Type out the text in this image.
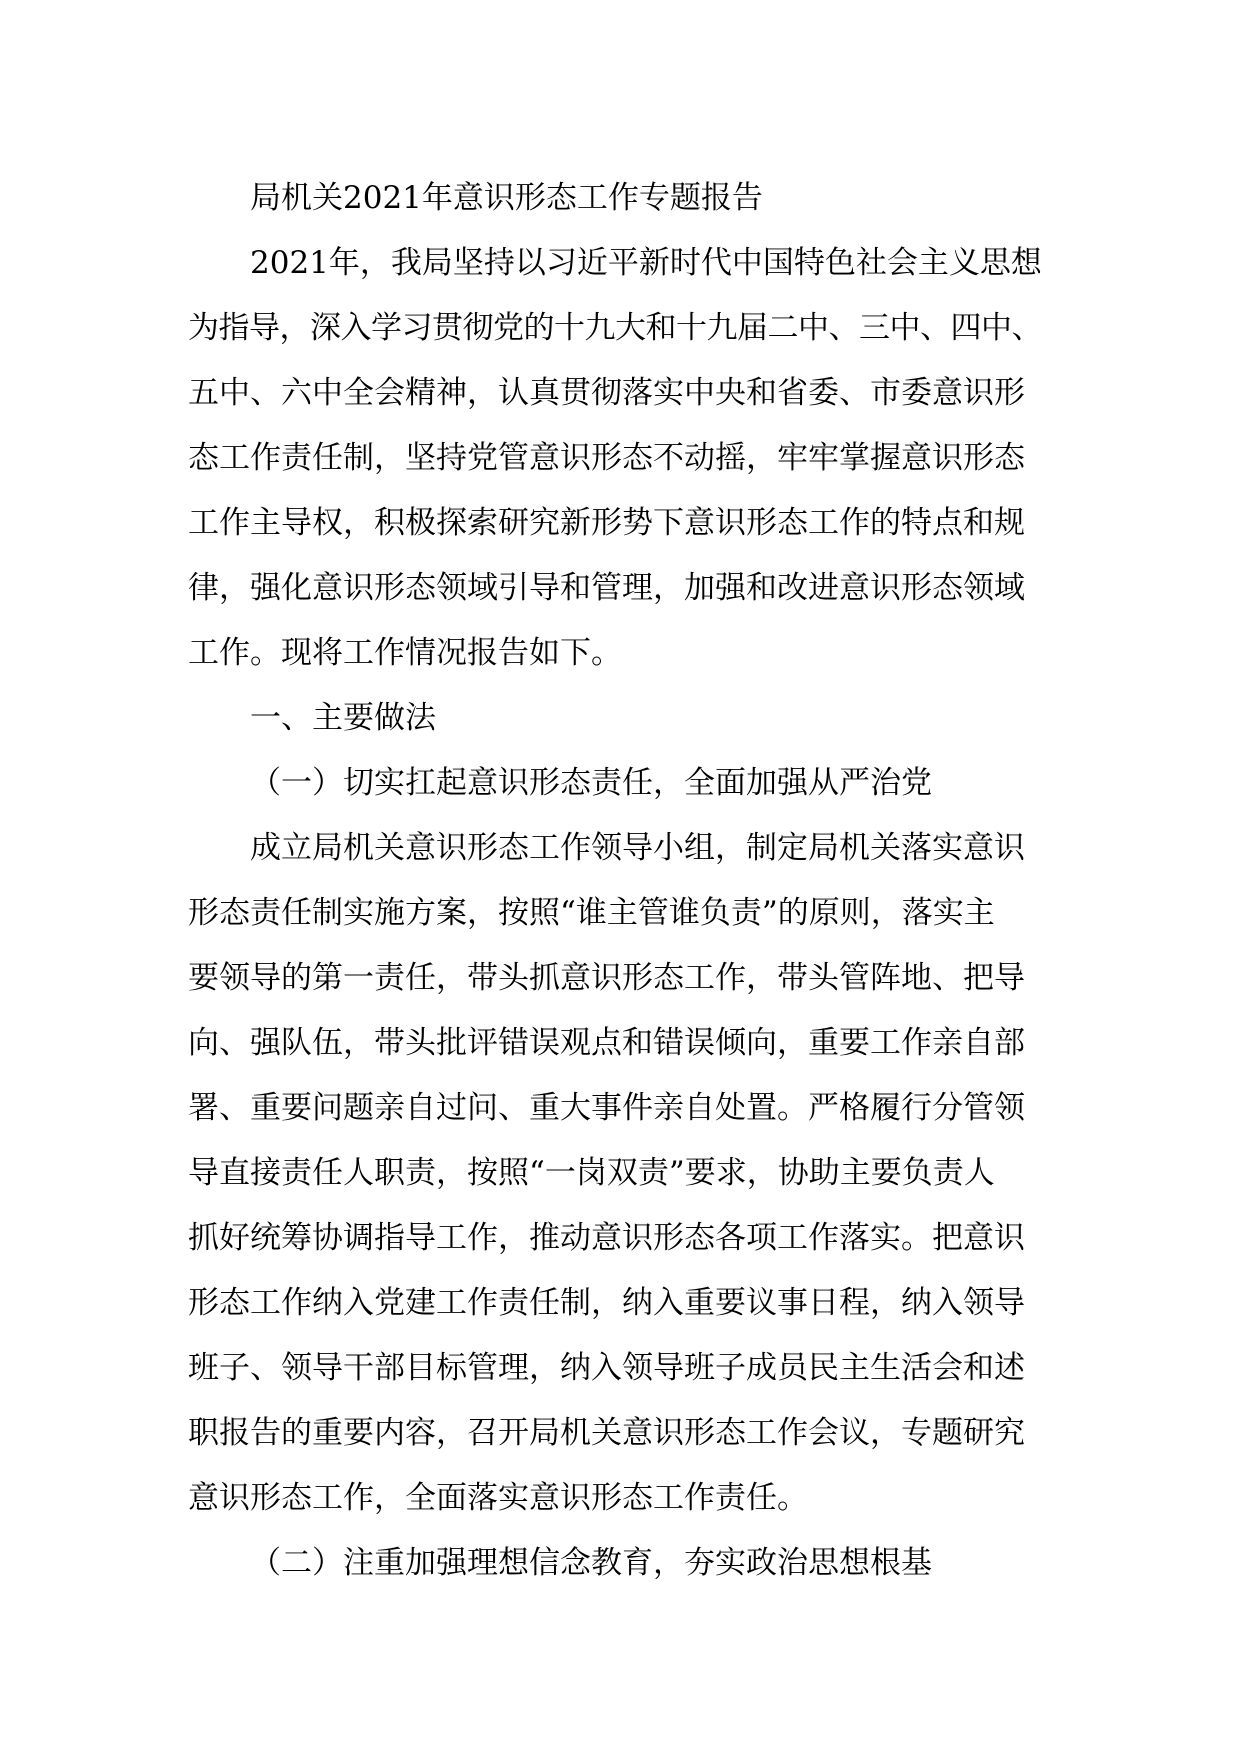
局机关2021年意识形态工作专题报告

2021年，我局坚持以习近平新时代中国特色社会主义思想

为指导，深入学习贯彻党的十九大和十九届二中、三中、四中、

五中、六中全会精神，认真贯彻落实中央和省委、市委意识形

态工作责任制，坚持党管意识形态不动摇，牢牢掌握意识形态

工作主导权，积极探索研究新形势下意识形态工作的特点和规

律，强化意识形态领域引导和管理，加强和改进意识形态领域

工作。现将工作情况报告如下。

一、主要做法

（一）切实扛起意识形态责任，全面加强从严治党

成立局机关意识形态工作领导小组，制定局机关落实意识

形态责任制实施方案，按照“谁主管谁负责”的原则，落实主

要领导的第一责任，带头抓意识形态工作，带头管阵地、把导

向、强队伍，带头批评错误观点和错误倾向，重要工作亲自部

署、重要问题亲自过问、重大事件亲自处置。严格履行分管领

导直接责任人职责，按照“一岗双责”要求，协助主要负责人

抓好统筹协调指导工作，推动意识形态各项工作落实。把意识

形态工作纳入党建工作责任制，纳入重要议事日程，纳入领导

班子、领导干部目标管理，纳入领导班子成员民主生活会和述

职报告的重要内容，召开局机关意识形态工作会议，专题研究

意识形态工作，全面落实意识形态工作责任。

（二）注重加强理想信念教育，夯实政治思想根基
